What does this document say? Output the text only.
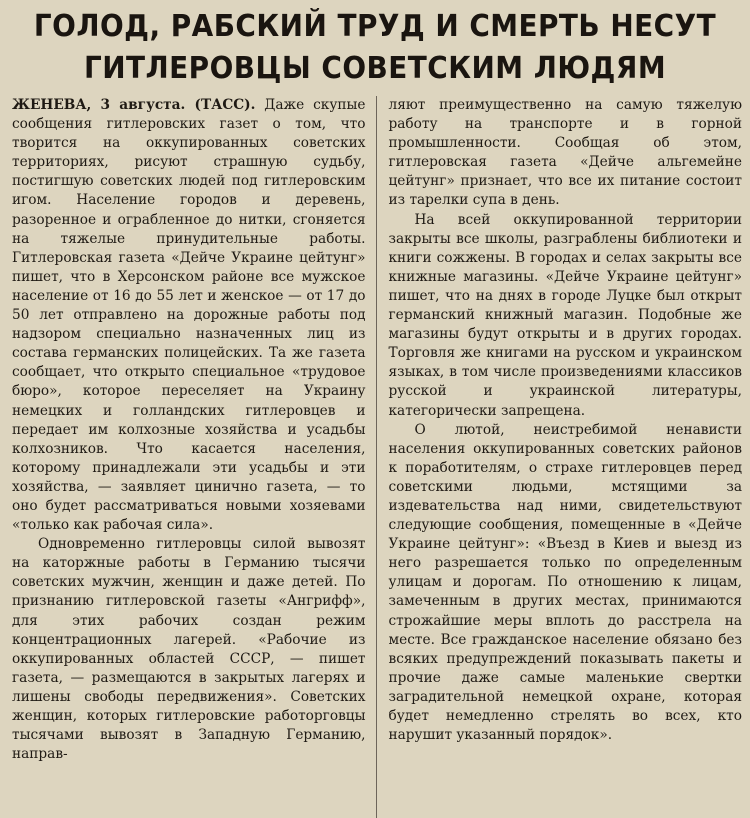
ГОЛОД, РАБСКИЙ ТРУД И СМЕРТЬ НЕСУТ
ГИТЛЕРОВЦЫ СОВЕТСКИМ ЛЮДЯМ

ЖЕНЕВА, 3 августа. (ТАСС). Даже скупые сообщения гитлеровских газет о том, что творится на оккупированных советских территориях, рисуют страшную судьбу, постигшую советских людей под гитлеровским игом. Население городов и деревень, разоренное и ограбленное до нитки, сгоняется на тяжелые принудительные работы. Гитлеровская газета «Дейче Украине цейтунг» пишет, что в Херсонском районе все мужское население от 16 до 55 лет и женское — от 17 до 50 лет отправлено на дорожные работы под надзором специально назначенных лиц из состава германских полицейских. Та же газета сообщает, что открыто специальное «трудовое бюро», которое переселяет на Украину немецких и голландских гитлеровцев и передает им колхозные хозяйства и усадьбы колхозников. Что касается населения, которому принадлежали эти усадьбы и эти хозяйства, — заявляет цинично газета, — то оно будет рассматриваться новыми хозяевами «только как рабочая сила».

Одновременно гитлеровцы силой вывозят на каторжные работы в Германию тысячи советских мужчин, женщин и даже детей. По признанию гитлеровской газеты «Ангрифф», для этих рабочих создан режим концентрационных лагерей. «Рабочие из оккупированных областей СССР, — пишет газета, — размещаются в закрытых лагерях и лишены свободы передвижения». Советских женщин, которых гитлеровские работорговцы тысячами вывозят в Западную Германию, направ-

ляют преимущественно на самую тяжелую работу на транспорте и в горной промышленности. Сообщая об этом, гитлеровская газета «Дейче альгемейне цейтунг» признает, что все их питание состоит из тарелки супа в день.

На всей оккупированной территории закрыты все школы, разграблены библиотеки и книги сожжены. В городах и селах закрыты все книжные магазины. «Дейче Украине цейтунг» пишет, что на днях в городе Луцке был открыт германский книжный магазин. Подобные же магазины будут открыты и в других городах. Торговля же книгами на русском и украинском языках, в том числе произведениями классиков русской и украинской литературы, категорически запрещена.

О лютой, неистребимой ненависти населения оккупированных советских районов к поработителям, о страхе гитлеровцев перед советскими людьми, мстящими за издевательства над ними, свидетельствуют следующие сообщения, помещенные в «Дейче Украине цейтунг»: «Въезд в Киев и выезд из него разрешается только по определенным улицам и дорогам. По отношению к лицам, замеченным в других местах, принимаются строжайшие меры вплоть до расстрела на месте. Все гражданское население обязано без всяких предупреждений показывать пакеты и прочие даже самые маленькие свертки заградительной немецкой охране, которая будет немедленно стрелять во всех, кто нарушит указанный порядок».
